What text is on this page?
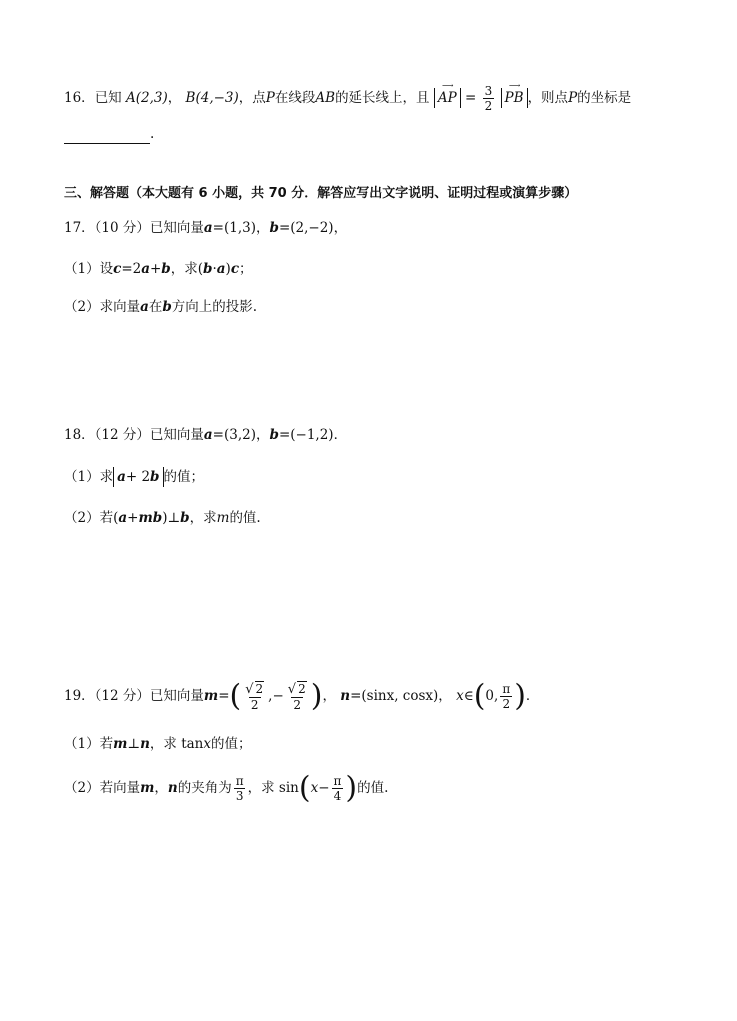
16．已知 A(2,3)， B(4,−3)，点P在线段AB的延长线上，且
⟶
AP = $\frac{3}{2}$
⟶
PB ，则点P的坐标是
.
三、解答题（本大题有 6 小题，共 70 分．解答应写出文字说明、证明过程或演算步骤）
17．（10 分）已知向量a=(1,3)，b=(2,−2)，
（1）设c=2a+b，求(b·a)c；
（2）求向量a在b方向上的投影.
18．（12 分）已知向量a=(3,2)，b=(−1,2)．
（1）求 a+ 2b 的值；
（2）若(a+mb)⊥b，求m的值.
19．（12 分）已知向量$m=( \frac{√ 2}{2}$ ,− $\frac{√ 2}{2}$ )， n=(sinx, cosx)， x∈(0, $\frac{\pi}{2}$ )．
（1）若m⊥n，求 tanx的值；
（2）若向量m，n的夹角为 $\frac{\pi}{3}$ ，求 $\sin(x- \frac{\pi}{4}$ )的值.
